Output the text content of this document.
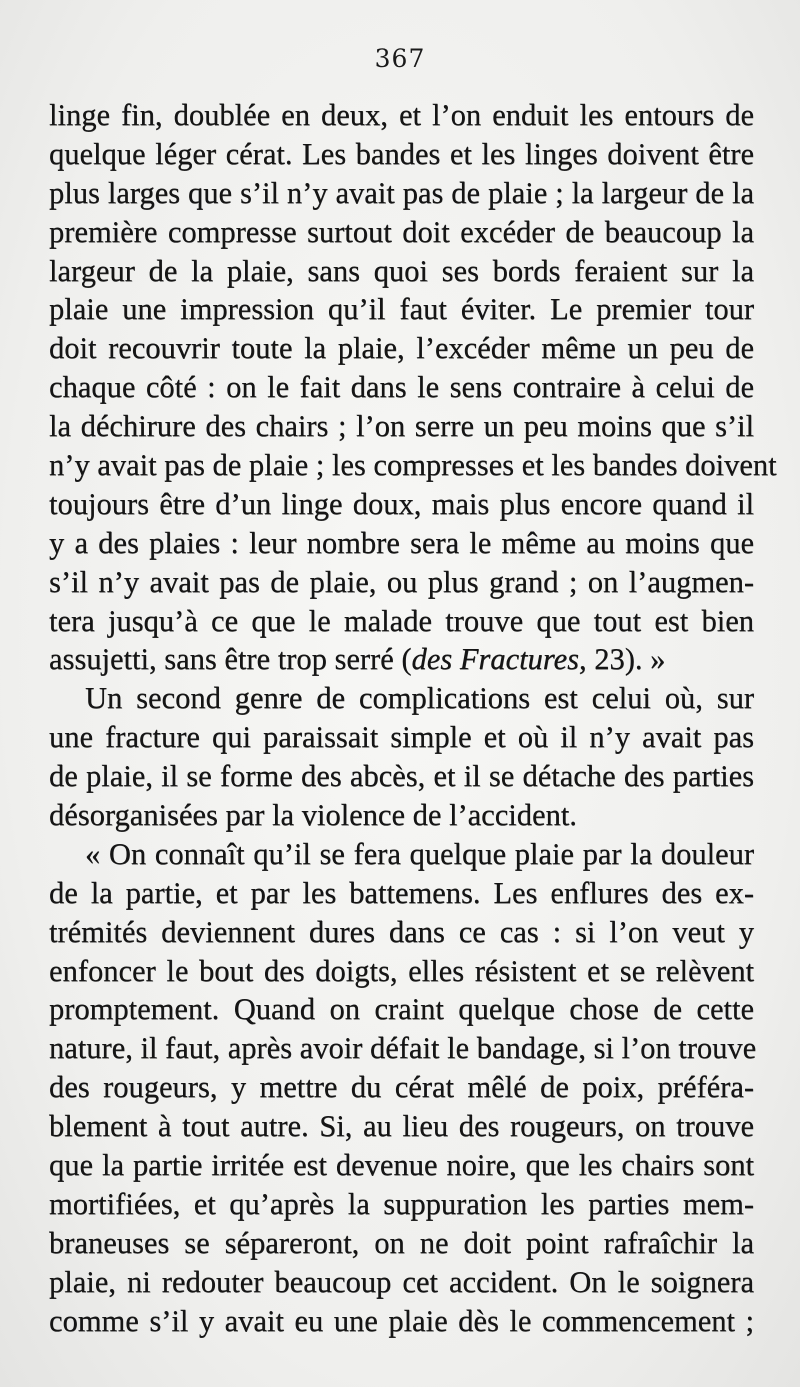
367
linge fin, doublée en deux, et l’on enduit les entours de
quelque léger cérat. Les bandes et les linges doivent être
plus larges que s’il n’y avait pas de plaie ; la largeur de la
première compresse surtout doit excéder de beaucoup la
largeur de la plaie, sans quoi ses bords feraient sur la
plaie une impression qu’il faut éviter. Le premier tour
doit recouvrir toute la plaie, l’excéder même un peu de
chaque côté : on le fait dans le sens contraire à celui de
la déchirure des chairs ; l’on serre un peu moins que s’il
n’y avait pas de plaie ; les compresses et les bandes doivent
toujours être d’un linge doux, mais plus encore quand il
y a des plaies : leur nombre sera le même au moins que
s’il n’y avait pas de plaie, ou plus grand ; on l’augmen-
tera jusqu’à ce que le malade trouve que tout est bien
assujetti, sans être trop serré (des Fractures, 23). »
Un second genre de complications est celui où, sur
une fracture qui paraissait simple et où il n’y avait pas
de plaie, il se forme des abcès, et il se détache des parties
désorganisées par la violence de l’accident.
« On connaît qu’il se fera quelque plaie par la douleur
de la partie, et par les battemens. Les enflures des ex-
trémités deviennent dures dans ce cas : si l’on veut y
enfoncer le bout des doigts, elles résistent et se relèvent
promptement. Quand on craint quelque chose de cette
nature, il faut, après avoir défait le bandage, si l’on trouve
des rougeurs, y mettre du cérat mêlé de poix, préféra-
blement à tout autre. Si, au lieu des rougeurs, on trouve
que la partie irritée est devenue noire, que les chairs sont
mortifiées, et qu’après la suppuration les parties mem-
braneuses se sépareront, on ne doit point rafraîchir la
plaie, ni redouter beaucoup cet accident. On le soignera
comme s’il y avait eu une plaie dès le commencement ;
